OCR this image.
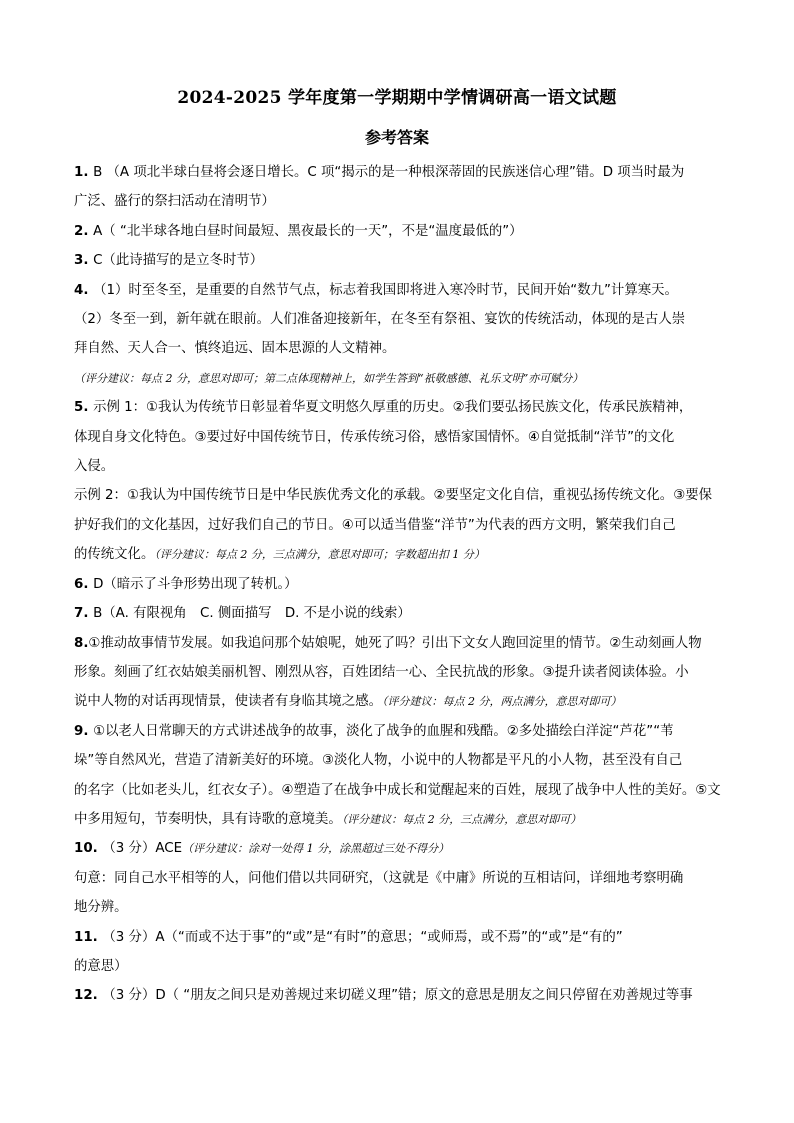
2024-2025 学年度第一学期期中学情调研高一语文试题
参考答案

1. B （A 项北半球白昼将会逐日增长。C 项“揭示的是一种根深蒂固的民族迷信心理”错。D 项当时最为

广泛、盛行的祭扫活动在清明节）

2. A（ “北半球各地白昼时间最短、黑夜最长的一天”，不是“温度最低的”）

3. C（此诗描写的是立冬时节）

4. （1）时至冬至，是重要的自然节气点，标志着我国即将进入寒冷时节，民间开始“数九”计算寒天。

（2）冬至一到，新年就在眼前。人们准备迎接新年，在冬至有祭祖、宴饮的传统活动，体现的是古人崇

拜自然、天人合一、慎终追远、固本思源的人文精神。

（评分建议：每点 2 分，意思对即可；第二点体现精神上，如学生答到“祇敬感德、礼乐文明”亦可赋分）

5. 示例 1：①我认为传统节日彰显着华夏文明悠久厚重的历史。②我们要弘扬民族文化，传承民族精神，

体现自身文化特色。③要过好中国传统节日，传承传统习俗，感悟家国情怀。④自觉抵制“洋节”的文化

入侵。

示例 2：①我认为中国传统节日是中华民族优秀文化的承载。②要坚定文化自信，重视弘扬传统文化。③要保

护好我们的文化基因，过好我们自己的节日。④可以适当借鉴“洋节”为代表的西方文明，繁荣我们自己

的传统文化。（评分建议：每点 2 分，三点满分，意思对即可；字数超出扣 1 分）

6. D（暗示了斗争形势出现了转机。）

7. B（A. 有限视角　C. 侧面描写　D. 不是小说的线索）

8.①推动故事情节发展。如我追问那个姑娘呢，她死了吗？引出下文女人跑回淀里的情节。②生动刻画人物

形象。刻画了红衣姑娘美丽机智、刚烈从容，百姓团结一心、全民抗战的形象。③提升读者阅读体验。小

说中人物的对话再现情景，使读者有身临其境之感。（评分建议：每点 2 分，两点满分，意思对即可）

9. ①以老人日常聊天的方式讲述战争的故事，淡化了战争的血腥和残酷。②多处描绘白洋淀“芦花”“苇

垛”等自然风光，营造了清新美好的环境。③淡化人物，小说中的人物都是平凡的小人物，甚至没有自己

的名字（比如老头儿，红衣女子）。④塑造了在战争中成长和觉醒起来的百姓，展现了战争中人性的美好。⑤文

中多用短句，节奏明快，具有诗歌的意境美。（评分建议：每点 2 分，三点满分，意思对即可）

10. （3 分）ACE（评分建议：涂对一处得 1 分，涂黑超过三处不得分）

句意：同自己水平相等的人，问他们借以共同研究，（这就是《中庸》所说的互相诘问，详细地考察明确

地分辨。

11. （3 分）A（“而或不达于事”的“或”是“有时”的意思；“或师焉，或不焉”的“或”是“有的”

的意思）

12. （3 分）D（ “朋友之间只是劝善规过来切磋义理”错；原文的意思是朋友之间只停留在劝善规过等事
